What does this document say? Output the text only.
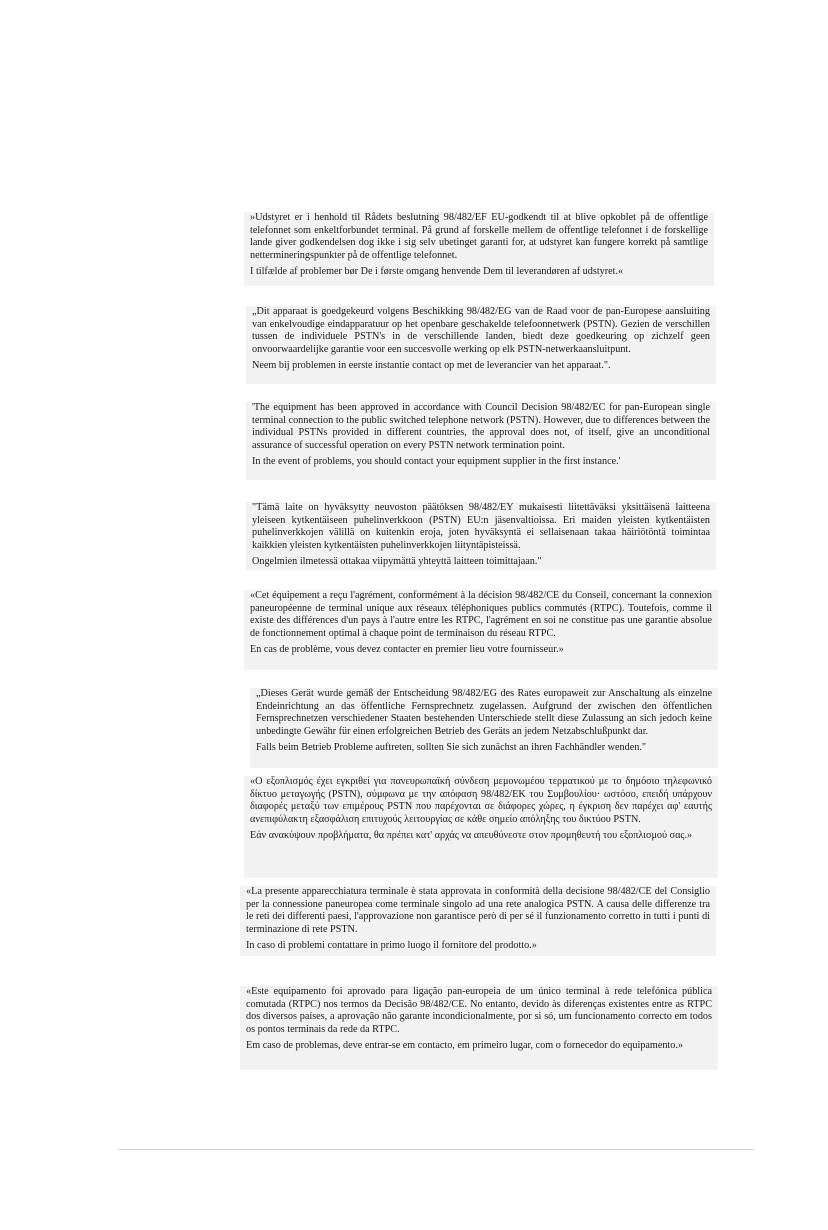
»Udstyret er i henhold til Rådets beslutning 98/482/EF EU-godkendt til at blive opkoblet på de offentlige telefonnet som enkeltforbundet terminal. På grund af forskelle mellem de offentlige telefonnet i de forskellige lande giver godkendelsen dog ikke i sig selv ubetinget garanti for, at udstyret kan fungere korrekt på samtlige nettermineringspunkter på de offentlige telefonnet.

I tilfælde af problemer bør De i første omgang henvende Dem til leverandøren af udstyret.«

„Dit apparaat is goedgekeurd volgens Beschikking 98/482/EG van de Raad voor de pan-Europese aansluiting van enkelvoudige eindapparatuur op het openbare geschakelde telefoonnetwerk (PSTN). Gezien de verschillen tussen de individuele PSTN's in de verschillende landen, biedt deze goedkeuring op zichzelf geen onvoorwaardelijke garantie voor een succesvolle werking op elk PSTN-netwerkaansluitpunt.

Neem bij problemen in eerste instantie contact op met de leverancier van het apparaat.".

'The equipment has been approved in accordance with Council Decision 98/482/EC for pan-European single terminal connection to the public switched telephone network (PSTN). However, due to differences between the individual PSTNs provided in different countries, the approval does not, of itself, give an unconditional assurance of successful operation on every PSTN network termination point.

In the event of problems, you should contact your equipment supplier in the first instance.'

"Tämä laite on hyväksytty neuvoston päätöksen 98/482/EY mukaisesti liitettäväksi yksittäisenä laitteena yleiseen kytkentäiseen puhelinverkkoon (PSTN) EU:n jäsenvaltioissa. Eri maiden yleisten kytkentäisten puhelinverkkojen välillä on kuitenkin eroja, joten hyväksyntä ei sellaisenaan takaa häiriötöntä toimintaa kaikkien yleisten kytkentäisten puhelinverkkojen liityntäpisteissä.

Ongelmien ilmetessä ottakaa viipymättä yhteyttä laitteen toimittajaan."

«Cet équipement a reçu l'agrément, conformément à la décision 98/482/CE du Conseil, concernant la connexion paneuropéenne de terminal unique aux réseaux téléphoniques publics commutés (RTPC). Toutefois, comme il existe des différences d'un pays à l'autre entre les RTPC, l'agrément en soi ne constitue pas une garantie absolue de fonctionnement optimal à chaque point de terminaison du réseau RTPC.

En cas de problème, vous devez contacter en premier lieu votre fournisseur.»

„Dieses Gerät wurde gemäß der Entscheidung 98/482/EG des Rates europaweit zur Anschaltung als einzelne Endeinrichtung an das öffentliche Fernsprechnetz zugelassen. Aufgrund der zwischen den öffentlichen Fernsprechnetzen verschiedener Staaten bestehenden Unterschiede stellt diese Zulassung an sich jedoch keine unbedingte Gewähr für einen erfolgreichen Betrieb des Geräts an jedem Netzabschlußpunkt dar.

Falls beim Betrieb Probleme auftreten, sollten Sie sich zunächst an ihren Fachhändler wenden."

«Ο εξοπλισμός έχει εγκριθεί για πανευρωπαϊκή σύνδεση μεμονωμέου τερματικού με το δημόσιο τηλεφωνικό δίκτυο μεταγωγής (PSTN), σύμφωνα με την απόφαση 98/482/ΕΚ του Συμβουλίου· ωστόσο, επειδή υπάρχουν διαφορές μεταξύ των επιμέρους PSTN που παρέχονται σε διάφορες χώρες, η έγκριση δεν παρέχει αφ' εαυτής ανεπιφύλακτη εξασφάλιση επιτυχούς λειτουργίας σε κάθε σημείο απόληξης του δικτύου PSTN.

Εάν ανακύψουν προβλήματα, θα πρέπει κατ' αρχάς να απευθύνεστε στον προμηθευτή του εξοπλισμού σας.»

«La presente apparecchiatura terminale è stata approvata in conformità della decisione 98/482/CE del Consiglio per la connessione paneuropea come terminale singolo ad una rete analogica PSTN. A causa delle differenze tra le reti dei differenti paesi, l'approvazione non garantisce però di per sé il funzionamento corretto in tutti i punti di terminazione di rete PSTN.

In caso di problemi contattare in primo luogo il fornitore del prodotto.»

«Este equipamento foi aprovado para ligação pan-europeia de um único terminal à rede telefónica pública comutada (RTPC) nos termos da Decisão 98/482/CE. No entanto, devido às diferenças existentes entre as RTPC dos diversos países, a aprovação não garante incondicionalmente, por si só, um funcionamento correcto em todos os pontos terminais da rede da RTPC.

Em caso de problemas, deve entrar-se em contacto, em primeiro lugar, com o fornecedor do equipamento.»
